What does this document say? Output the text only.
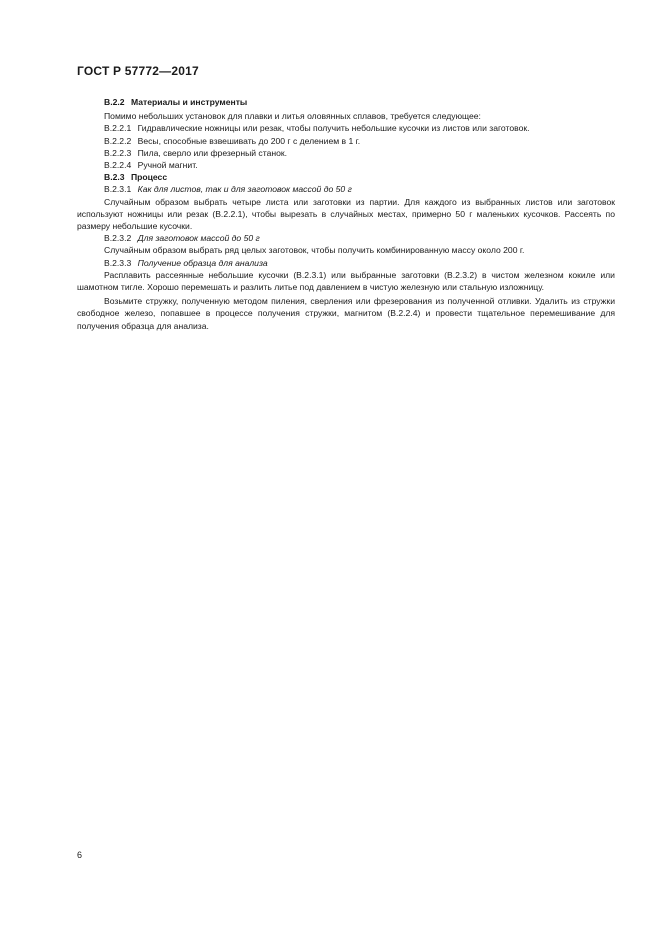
ГОСТ Р 57772—2017

В.2.2 Материалы и инструменты

Помимо небольших установок для плавки и литья оловянных сплавов, требуется следующее:

В.2.2.1 Гидравлические ножницы или резак, чтобы получить небольшие кусочки из листов или заготовок.

В.2.2.2 Весы, способные взвешивать до 200 г с делением в 1 г.

В.2.2.3 Пила, сверло или фрезерный станок.

В.2.2.4 Ручной магнит.

В.2.3 Процесс

В.2.3.1 Как для листов, так и для заготовок массой до 50 г

Случайным образом выбрать четыре листа или заготовки из партии. Для каждого из выбранных листов или заготовок используют ножницы или резак (В.2.2.1), чтобы вырезать в случайных местах, примерно 50 г маленьких кусочков. Рассеять по размеру небольшие кусочки.

В.2.3.2 Для заготовок массой до 50 г

Случайным образом выбрать ряд целых заготовок, чтобы получить комбинированную массу около 200 г.

В.2.3.3 Получение образца для анализа

Расплавить рассеянные небольшие кусочки (В.2.3.1) или выбранные заготовки (В.2.3.2) в чистом железном кокиле или шамотном тигле. Хорошо перемешать и разлить литье под давлением в чистую железную или стальную изложницу.

Возьмите стружку, полученную методом пиления, сверления или фрезерования из полученной отливки. Удалить из стружки свободное железо, попавшее в процессе получения стружки, магнитом (В.2.2.4) и провести тщательное перемешивание для получения образца для анализа.

6
